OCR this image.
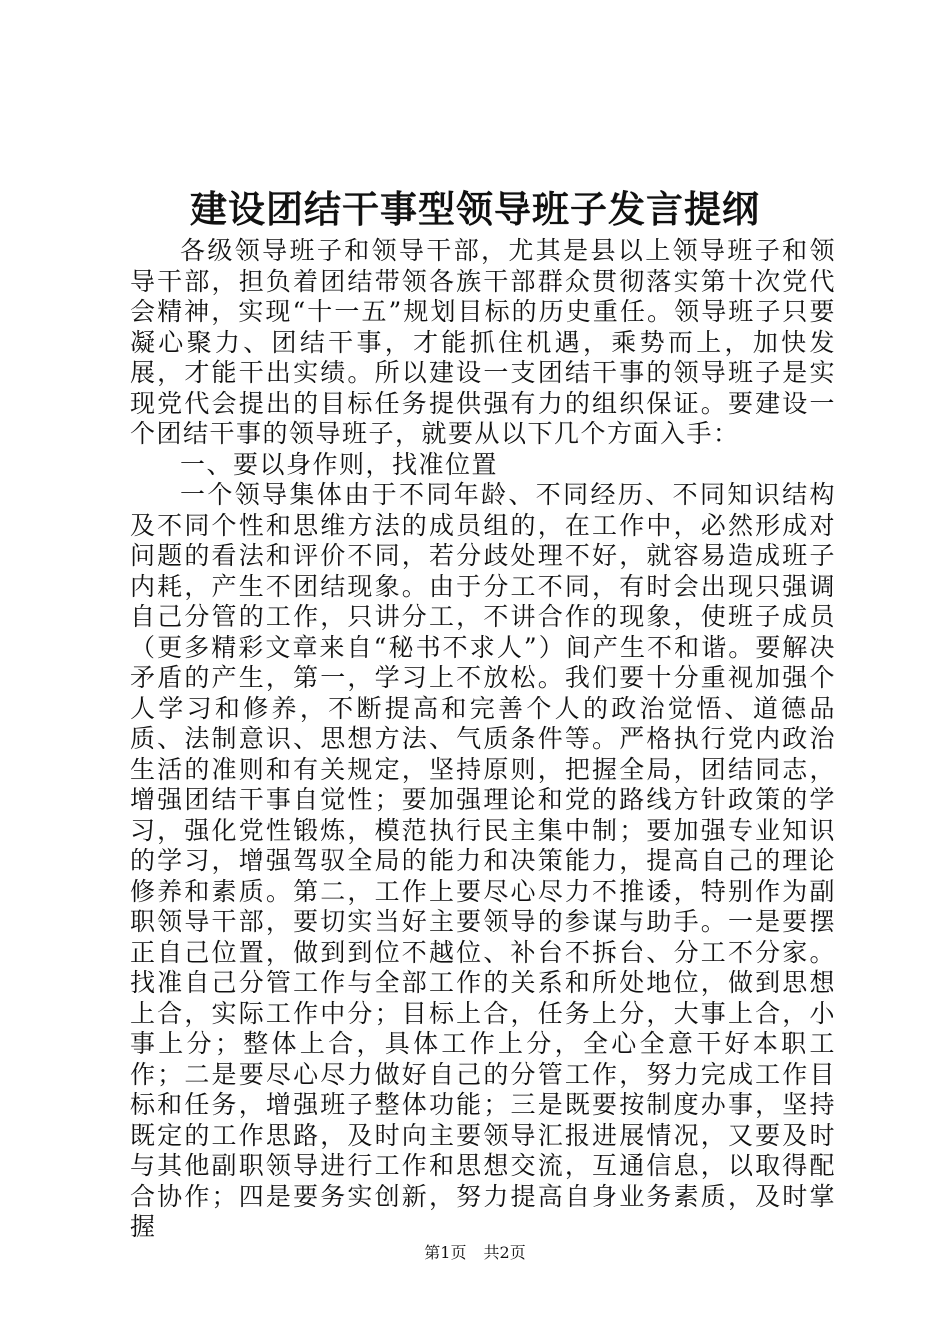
建设团结干事型领导班子发言提纲

各级领导班子和领导干部，尤其是县以上领导班子和领导干部，担负着团结带领各族干部群众贯彻落实第十次党代会精神，实现“十一五”规划目标的历史重任。领导班子只要凝心聚力、团结干事，才能抓住机遇，乘势而上，加快发展，才能干出实绩。所以建设一支团结干事的领导班子是实现党代会提出的目标任务提供强有力的组织保证。要建设一个团结干事的领导班子，就要从以下几个方面入手：

一、要以身作则，找准位置

一个领导集体由于不同年龄、不同经历、不同知识结构及不同个性和思维方法的成员组的，在工作中，必然形成对问题的看法和评价不同，若分歧处理不好，就容易造成班子内耗，产生不团结现象。由于分工不同，有时会出现只强调自己分管的工作，只讲分工，不讲合作的现象，使班子成员（更多精彩文章来自“秘书不求人”）间产生不和谐。要解决矛盾的产生，第一，学习上不放松。我们要十分重视加强个人学习和修养，不断提高和完善个人的政治觉悟、道德品质、法制意识、思想方法、气质条件等。严格执行党内政治生活的准则和有关规定，坚持原则，把握全局，团结同志，增强团结干事自觉性；要加强理论和党的路线方针政策的学习，强化党性锻炼，模范执行民主集中制；要加强专业知识的学习，增强驾驭全局的能力和决策能力，提高自己的理论修养和素质。第二，工作上要尽心尽力不推诿，特别作为副职领导干部，要切实当好主要领导的参谋与助手。一是要摆正自己位置，做到到位不越位、补台不拆台、分工不分家。找准自己分管工作与全部工作的关系和所处地位，做到思想上合，实际工作中分；目标上合，任务上分，大事上合，小事上分；整体上合，具体工作上分，全心全意干好本职工作；二是要尽心尽力做好自己的分管工作，努力完成工作目标和任务，增强班子整体功能；三是既要按制度办事，坚持既定的工作思路，及时向主要领导汇报进展情况，又要及时与其他副职领导进行工作和思想交流，互通信息，以取得配合协作；四是要务实创新，努力提高自身业务素质，及时掌握

第1页 共2页
